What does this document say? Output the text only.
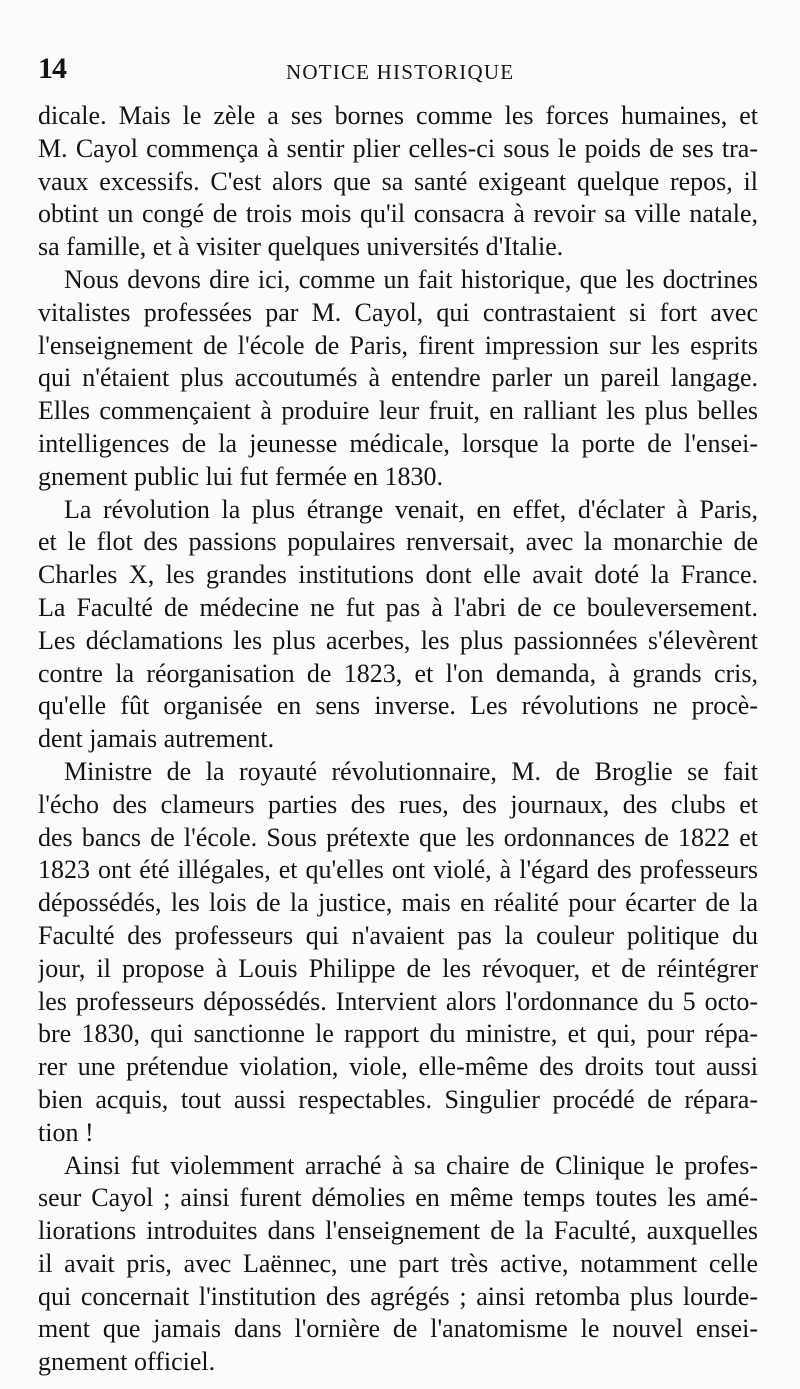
14	NOTICE HISTORIQUE
dicale. Mais le zèle a ses bornes comme les forces humaines, et
M. Cayol commença à sentir plier celles-ci sous le poids de ses tra-
vaux excessifs. C'est alors que sa santé exigeant quelque repos, il
obtint un congé de trois mois qu'il consacra à revoir sa ville natale,
sa famille, et à visiter quelques universités d'Italie.
Nous devons dire ici, comme un fait historique, que les doctrines
vitalistes professées par M. Cayol, qui contrastaient si fort avec
l'enseignement de l'école de Paris, firent impression sur les esprits
qui n'étaient plus accoutumés à entendre parler un pareil langage.
Elles commençaient à produire leur fruit, en ralliant les plus belles
intelligences de la jeunesse médicale, lorsque la porte de l'ensei-
gnement public lui fut fermée en 1830.
La révolution la plus étrange venait, en effet, d'éclater à Paris,
et le flot des passions populaires renversait, avec la monarchie de
Charles X, les grandes institutions dont elle avait doté la France.
La Faculté de médecine ne fut pas à l'abri de ce bouleversement.
Les déclamations les plus acerbes, les plus passionnées s'élevèrent
contre la réorganisation de 1823, et l'on demanda, à grands cris,
qu'elle fût organisée en sens inverse. Les révolutions ne procè-
dent jamais autrement.
Ministre de la royauté révolutionnaire, M. de Broglie se fait
l'écho des clameurs parties des rues, des journaux, des clubs et
des bancs de l'école. Sous prétexte que les ordonnances de 1822 et
1823 ont été illégales, et qu'elles ont violé, à l'égard des professeurs
dépossédés, les lois de la justice, mais en réalité pour écarter de la
Faculté des professeurs qui n'avaient pas la couleur politique du
jour, il propose à Louis Philippe de les révoquer, et de réintégrer
les professeurs dépossédés. Intervient alors l'ordonnance du 5 octo-
bre 1830, qui sanctionne le rapport du ministre, et qui, pour répa-
rer une prétendue violation, viole, elle-même des droits tout aussi
bien acquis, tout aussi respectables. Singulier procédé de répara-
tion !
Ainsi fut violemment arraché à sa chaire de Clinique le profes-
seur Cayol ; ainsi furent démolies en même temps toutes les amé-
liorations introduites dans l'enseignement de la Faculté, auxquelles
il avait pris, avec Laënnec, une part très active, notamment celle
qui concernait l'institution des agrégés ; ainsi retomba plus lourde-
ment que jamais dans l'ornière de l'anatomisme le nouvel ensei-
gnement officiel.
